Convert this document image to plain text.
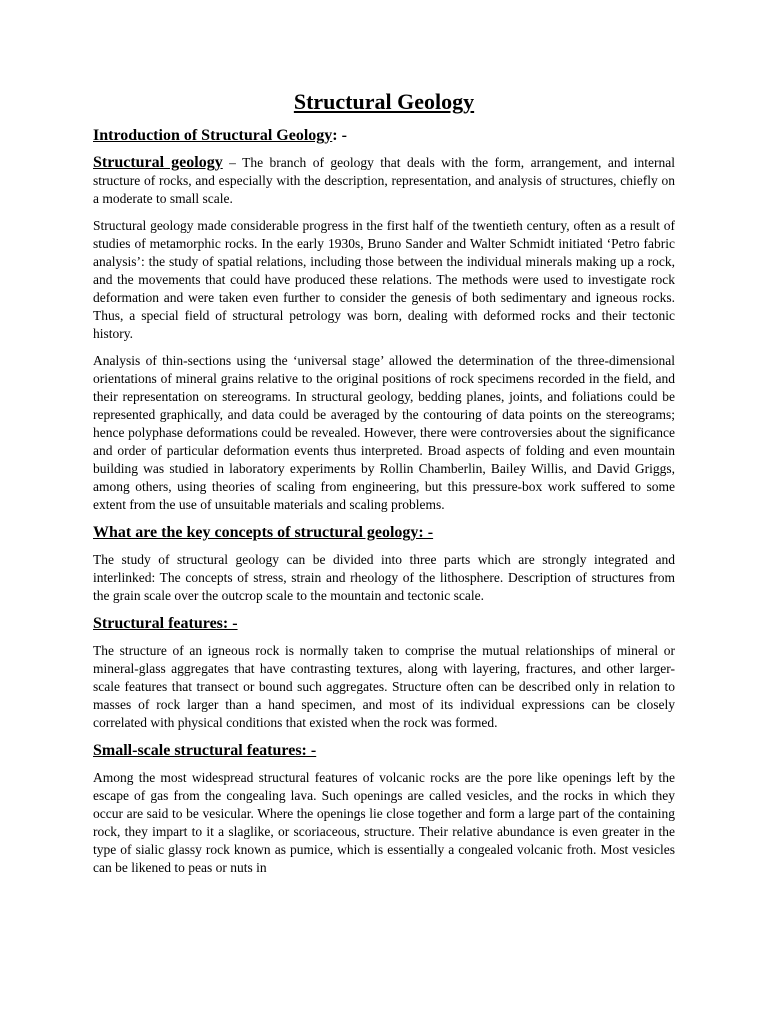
Structural Geology
Introduction of Structural Geology: -

Structural geology – The branch of geology that deals with the form, arrangement, and internal structure of rocks, and especially with the description, representation, and analysis of structures, chiefly on a moderate to small scale.

Structural geology made considerable progress in the first half of the twentieth century, often as a result of studies of metamorphic rocks. In the early 1930s, Bruno Sander and Walter Schmidt initiated ‘Petro fabric analysis’: the study of spatial relations, including those between the individual minerals making up a rock, and the movements that could have produced these relations. The methods were used to investigate rock deformation and were taken even further to consider the genesis of both sedimentary and igneous rocks. Thus, a special field of structural petrology was born, dealing with deformed rocks and their tectonic history.

Analysis of thin-sections using the ‘universal stage’ allowed the determination of the three-dimensional orientations of mineral grains relative to the original positions of rock specimens recorded in the field, and their representation on stereograms. In structural geology, bedding planes, joints, and foliations could be represented graphically, and data could be averaged by the contouring of data points on the stereograms; hence polyphase deformations could be revealed. However, there were controversies about the significance and order of particular deformation events thus interpreted. Broad aspects of folding and even mountain building was studied in laboratory experiments by Rollin Chamberlin, Bailey Willis, and David Griggs, among others, using theories of scaling from engineering, but this pressure-box work suffered to some extent from the use of unsuitable materials and scaling problems.

What are the key concepts of structural geology: -

The study of structural geology can be divided into three parts which are strongly integrated and interlinked: The concepts of stress, strain and rheology of the lithosphere. Description of structures from the grain scale over the outcrop scale to the mountain and tectonic scale.

Structural features: -

The structure of an igneous rock is normally taken to comprise the mutual relationships of mineral or mineral-glass aggregates that have contrasting textures, along with layering, fractures, and other larger-scale features that transect or bound such aggregates. Structure often can be described only in relation to masses of rock larger than a hand specimen, and most of its individual expressions can be closely correlated with physical conditions that existed when the rock was formed.

Small-scale structural features: -

Among the most widespread structural features of volcanic rocks are the pore like openings left by the escape of gas from the congealing lava. Such openings are called vesicles, and the rocks in which they occur are said to be vesicular. Where the openings lie close together and form a large part of the containing rock, they impart to it a slaglike, or scoriaceous, structure. Their relative abundance is even greater in the type of sialic glassy rock known as pumice, which is essentially a congealed volcanic froth. Most vesicles can be likened to peas or nuts in
